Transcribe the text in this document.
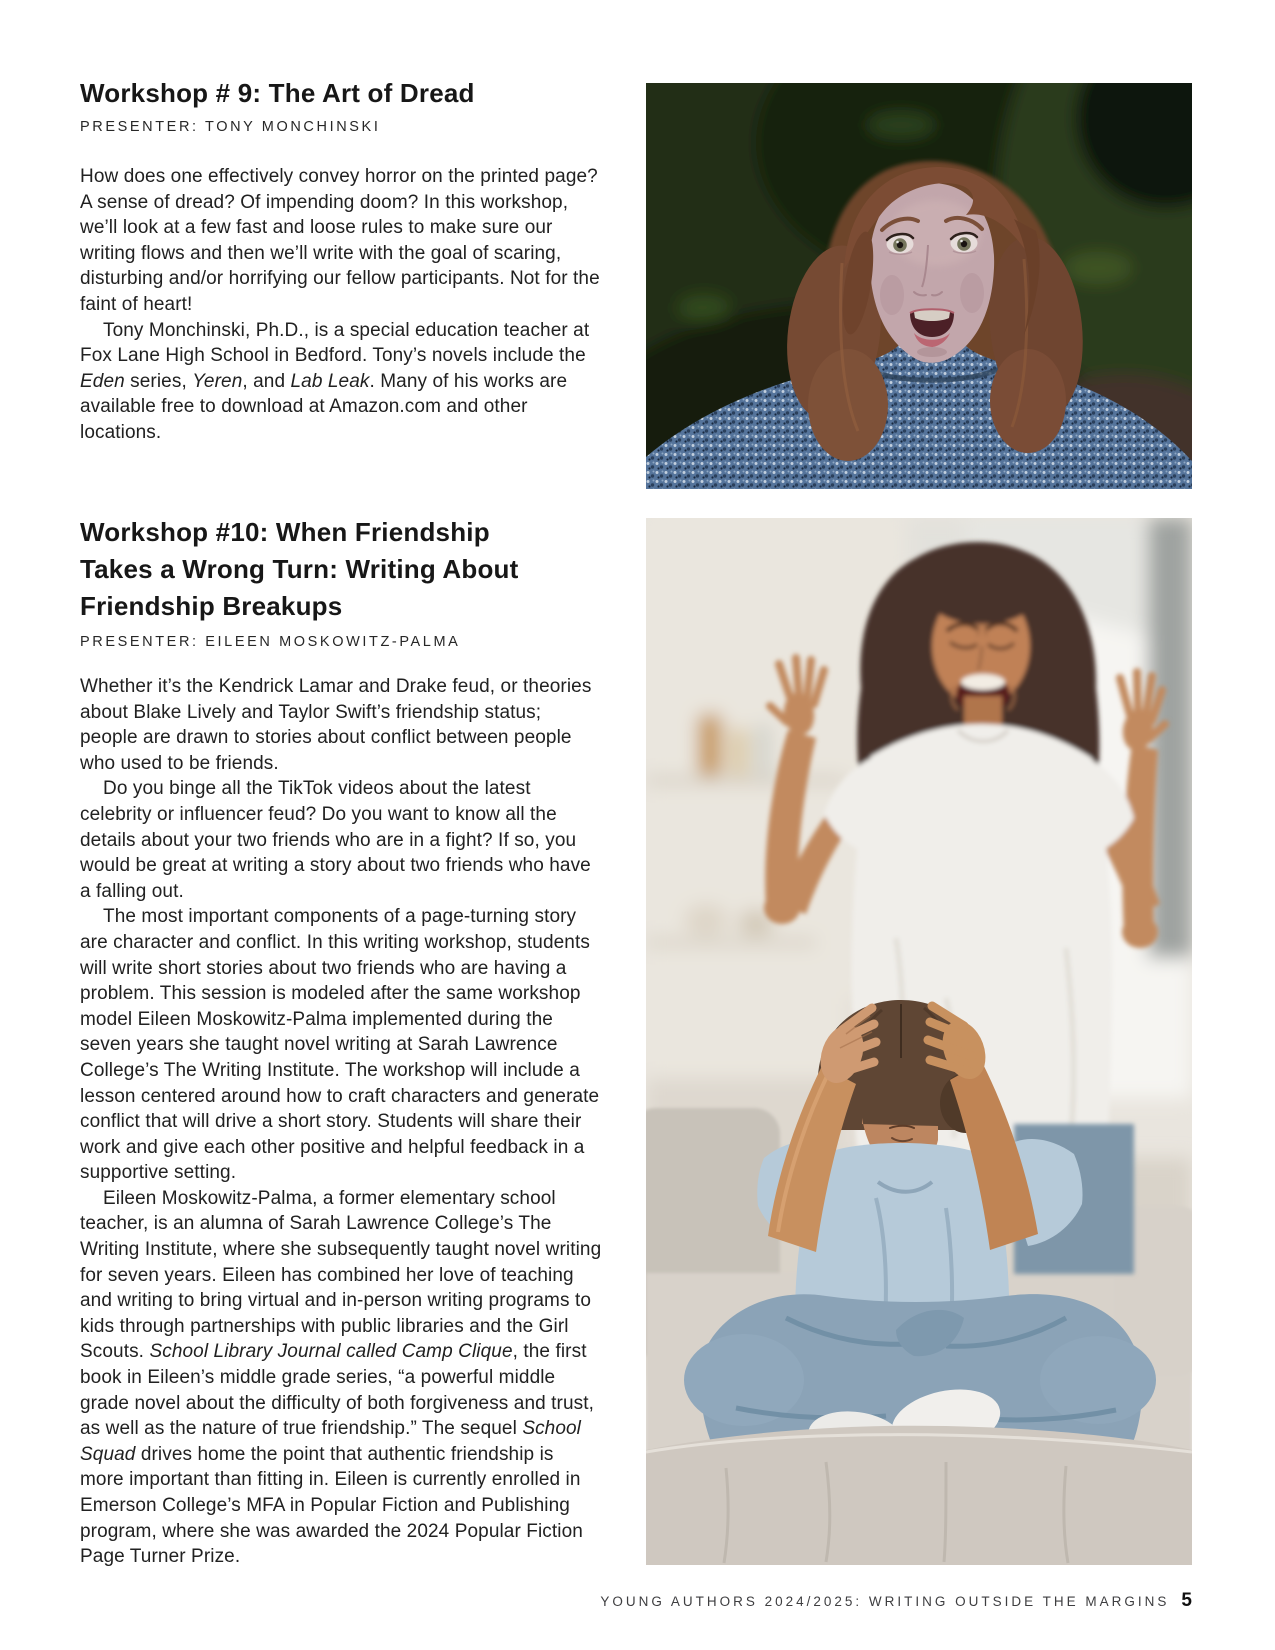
Workshop # 9: The Art of Dread
PRESENTER: TONY MONCHINSKI

How does one effectively convey horror on the printed page? A sense of dread? Of impending doom? In this workshop, we’ll look at a few fast and loose rules to make sure our writing flows and then we’ll write with the goal of scaring, disturbing and/or horrifying our fellow participants. Not for the faint of heart!

Tony Monchinski, Ph.D., is a special education teacher at Fox Lane High School in Bedford. Tony’s novels include the Eden series, Yeren, and Lab Leak. Many of his works are available free to download at Amazon.com and other locations.

Workshop #10: When Friendship
Takes a Wrong Turn: Writing About
Friendship Breakups
PRESENTER: EILEEN MOSKOWITZ-PALMA

Whether it’s the Kendrick Lamar and Drake feud, or theories about Blake Lively and Taylor Swift’s friendship status; people are drawn to stories about conflict between people who used to be friends.

Do you binge all the TikTok videos about the latest celebrity or influencer feud? Do you want to know all the details about your two friends who are in a fight? If so, you would be great at writing a story about two friends who have a falling out.

The most important components of a page-turning story are character and conflict. In this writing workshop, students will write short stories about two friends who are having a problem. This session is modeled after the same workshop model Eileen Moskowitz-Palma implemented during the seven years she taught novel writing at Sarah Lawrence College’s The Writing Institute. The workshop will include a lesson centered around how to craft characters and generate conflict that will drive a short story. Students will share their work and give each other positive and helpful feedback in a supportive setting.

Eileen Moskowitz-Palma, a former elementary school teacher, is an alumna of Sarah Lawrence College’s The Writing Institute, where she subsequently taught novel writing for seven years. Eileen has combined her love of teaching and writing to bring virtual and in-person writing programs to kids through partnerships with public libraries and the Girl Scouts. School Library Journal called Camp Clique, the first book in Eileen’s middle grade series, “a powerful middle grade novel about the difficulty of both forgiveness and trust, as well as the nature of true friendship.” The sequel School Squad drives home the point that authentic friendship is more important than fitting in. Eileen is currently enrolled in Emerson College’s MFA in Popular Fiction and Publishing program, where she was awarded the 2024 Popular Fiction Page Turner Prize.

YOUNG AUTHORS 2024/2025: WRITING OUTSIDE THE MARGINS 5
